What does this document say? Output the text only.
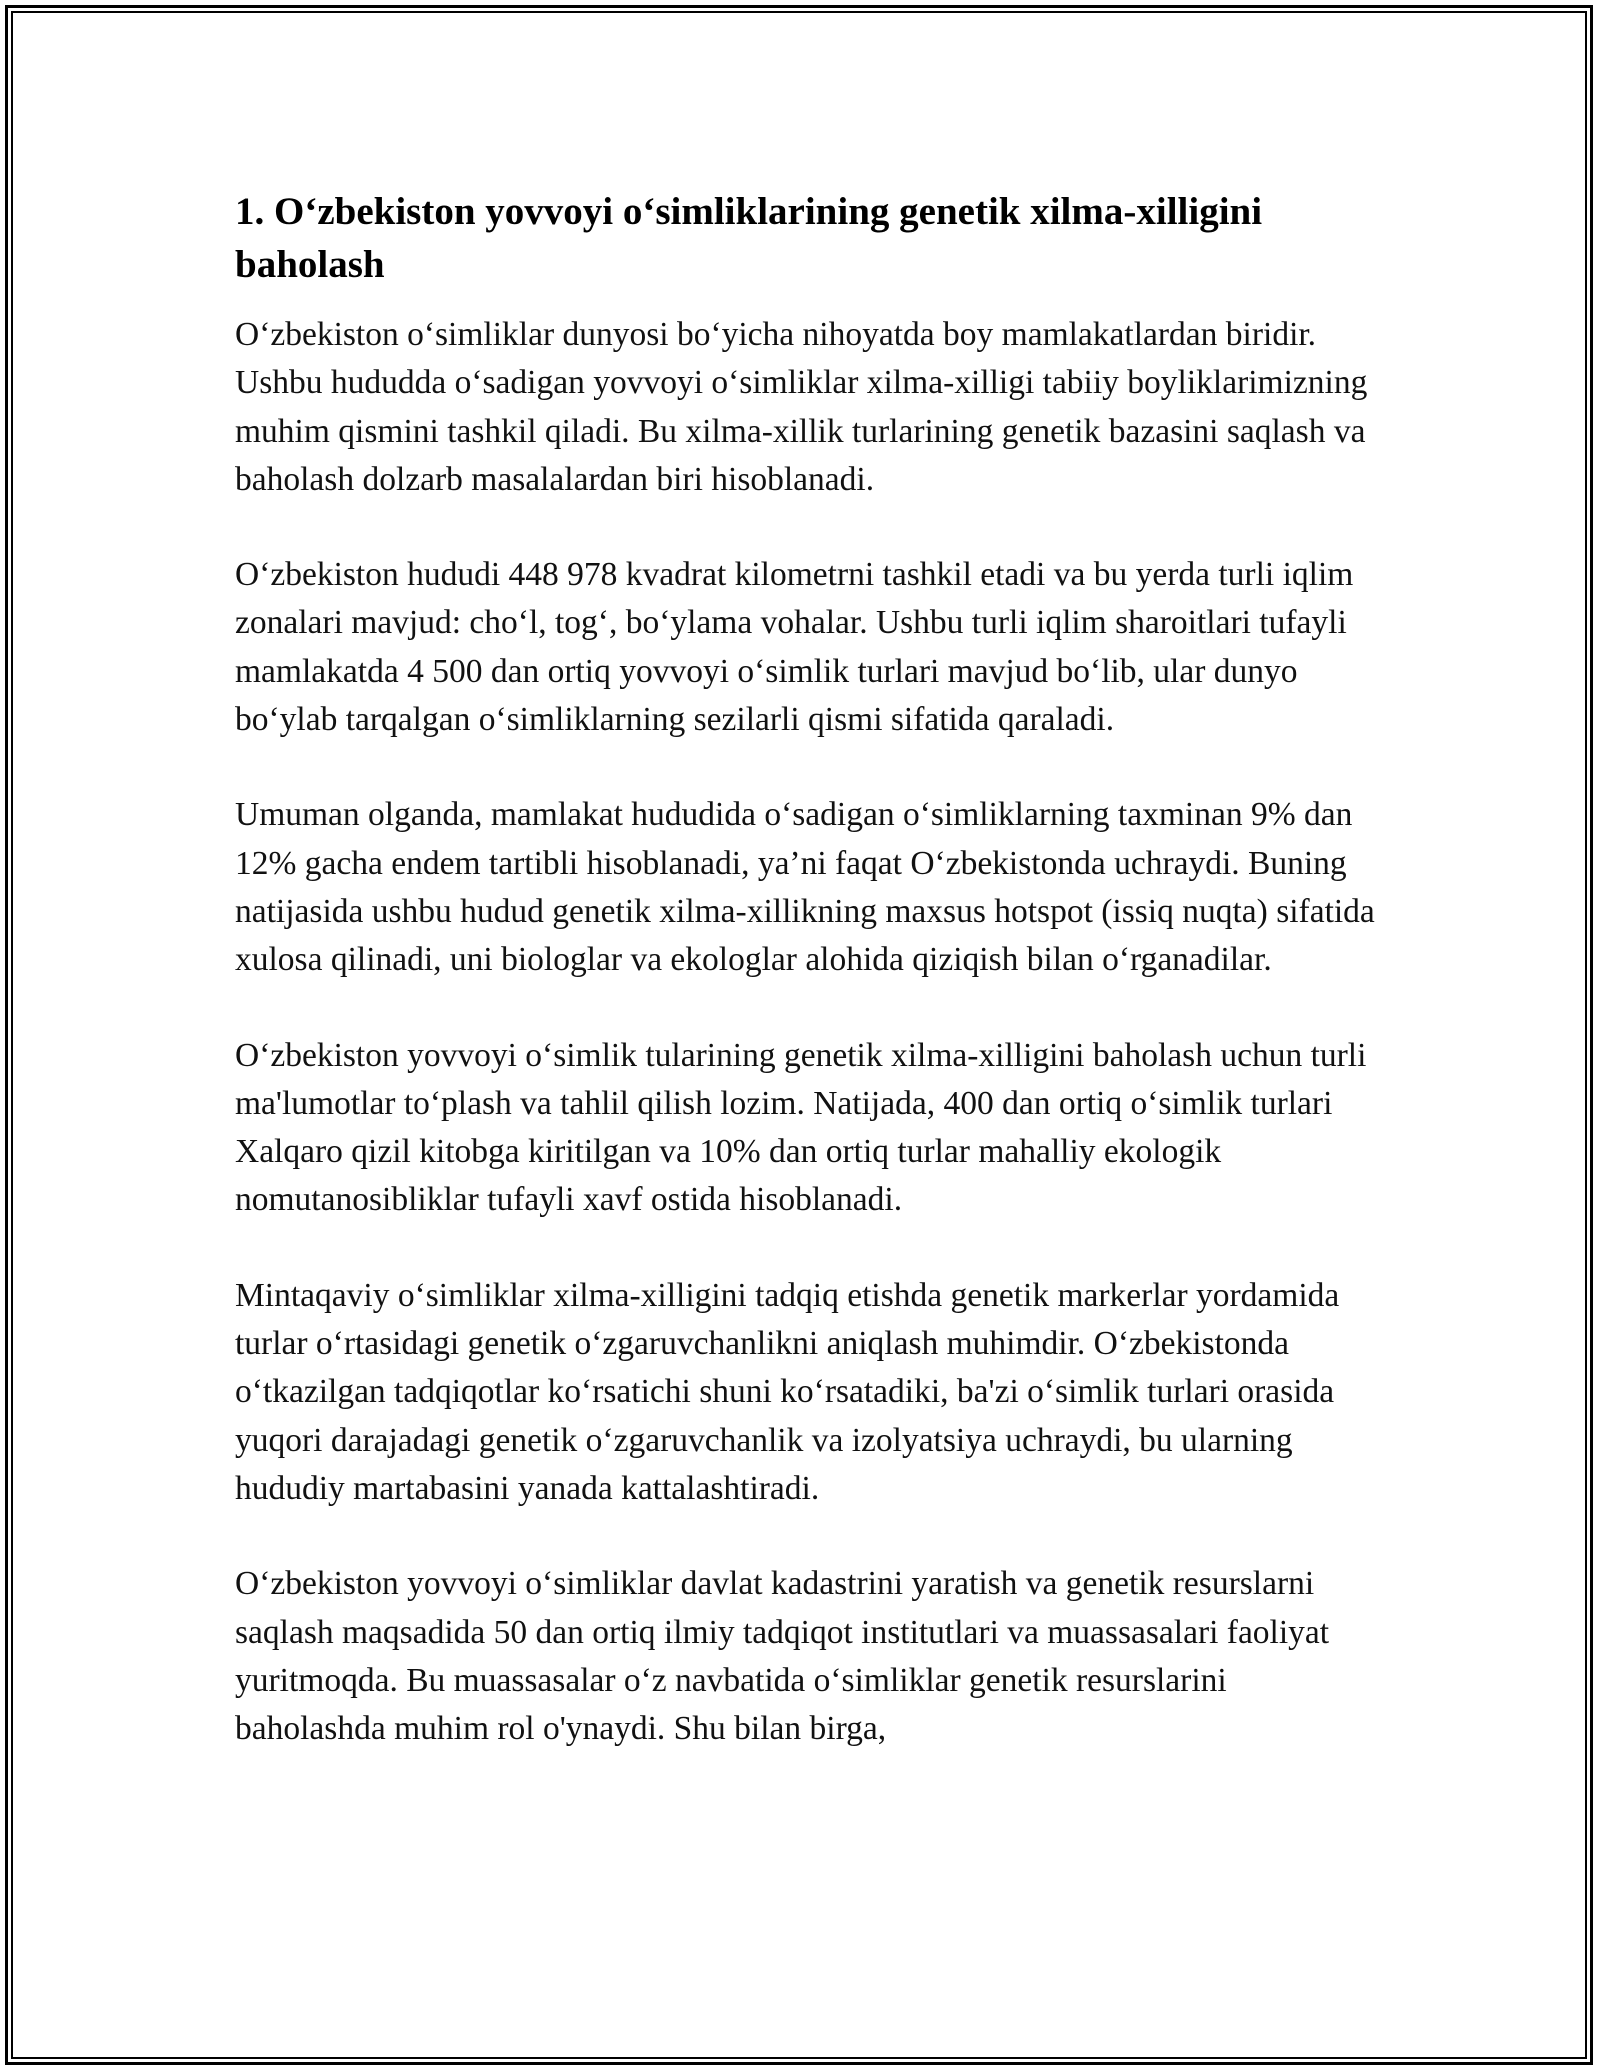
1. O‘zbekiston yovvoyi o‘simliklarining genetik xilma-xilligini baholash

O‘zbekiston o‘simliklar dunyosi bo‘yicha nihoyatda boy mamlakatlardan biridir. Ushbu hududda o‘sadigan yovvoyi o‘simliklar xilma-xilligi tabiiy boyliklarimizning muhim qismini tashkil qiladi. Bu xilma-xillik turlarining genetik bazasini saqlash va baholash dolzarb masalalardan biri hisoblanadi.

O‘zbekiston hududi 448 978 kvadrat kilometrni tashkil etadi va bu yerda turli iqlim zonalari mavjud: cho‘l, tog‘, bo‘ylama vohalar. Ushbu turli iqlim sharoitlari tufayli mamlakatda 4 500 dan ortiq yovvoyi o‘simlik turlari mavjud bo‘lib, ular dunyo bo‘ylab tarqalgan o‘simliklarning sezilarli qismi sifatida qaraladi.

Umuman olganda, mamlakat hududida o‘sadigan o‘simliklarning taxminan 9% dan 12% gacha endem tartibli hisoblanadi, ya’ni faqat O‘zbekistonda uchraydi. Buning natijasida ushbu hudud genetik xilma-xillikning maxsus hotspot (issiq nuqta) sifatida xulosa qilinadi, uni biologlar va ekologlar alohida qiziqish bilan o‘rganadilar.

O‘zbekiston yovvoyi o‘simlik tularining genetik xilma-xilligini baholash uchun turli ma'lumotlar to‘plash va tahlil qilish lozim. Natijada, 400 dan ortiq o‘simlik turlari Xalqaro qizil kitobga kiritilgan va 10% dan ortiq turlar mahalliy ekologik nomutanosibliklar tufayli xavf ostida hisoblanadi.

Mintaqaviy o‘simliklar xilma-xilligini tadqiq etishda genetik markerlar yordamida turlar o‘rtasidagi genetik o‘zgaruvchanlikni aniqlash muhimdir. O‘zbekistonda o‘tkazilgan tadqiqotlar ko‘rsatichi shuni ko‘rsatadiki, ba'zi o‘simlik turlari orasida yuqori darajadagi genetik o‘zgaruvchanlik va izolyatsiya uchraydi, bu ularning hududiy martabasini yanada kattalashtiradi.

O‘zbekiston yovvoyi o‘simliklar davlat kadastrini yaratish va genetik resurslarni saqlash maqsadida 50 dan ortiq ilmiy tadqiqot institutlari va muassasalari faoliyat yuritmoqda. Bu muassasalar o‘z navbatida o‘simliklar genetik resurslarini baholashda muhim rol o'ynaydi. Shu bilan birga,
